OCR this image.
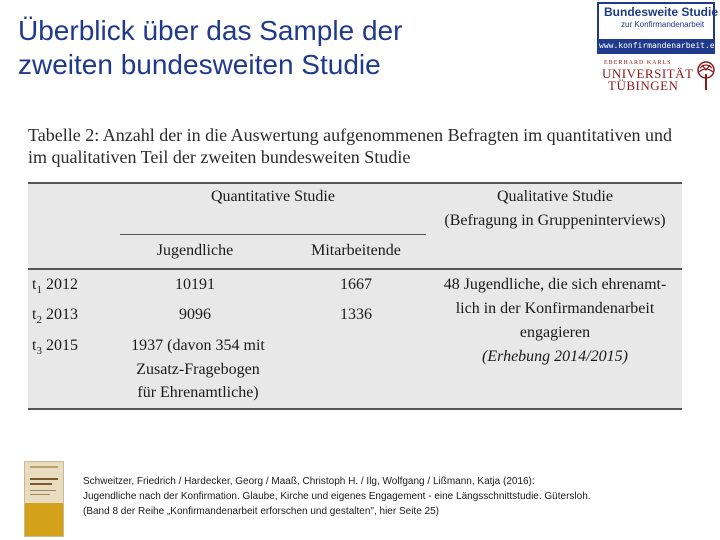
Überblick über das Sample der
zweiten bundesweiten Studie
Bundesweite Studie
zur Konfirmandenarbeit
www.konfirmandenarbeit.eu
EBERHARD KARLS
UNIVERSITÄT
TÜBINGEN
Tabelle 2: Anzahl der in die Auswertung aufgenommenen Befragten im quantitativen und
im qualitativen Teil der zweiten bundesweiten Studie
Quantitative Studie	Qualitative Studie
(Befragung in Gruppeninterviews)
Jugendliche	Mitarbeitende
$t_1$ 2012	10191	1667
$t_2$ 2013	9096	1336
$t_3$ 2015	1937 (davon 354 mit
Zusatz-Fragebogen
für Ehrenamtliche)
48 Jugendliche, die sich ehrenamt-
lich in der Konfirmandenarbeit
engagieren
(Erhebung 2014/2015)
Schweitzer, Friedrich / Hardecker, Georg / Maaß, Christoph H. / Ilg, Wolfgang / Lißmann, Katja (2016):
Jugendliche nach der Konfirmation. Glaube, Kirche und eigenes Engagement - eine Längsschnittstudie. Gütersloh.
(Band 8 der Reihe „Konfirmandenarbeit erforschen und gestalten", hier Seite 25)
